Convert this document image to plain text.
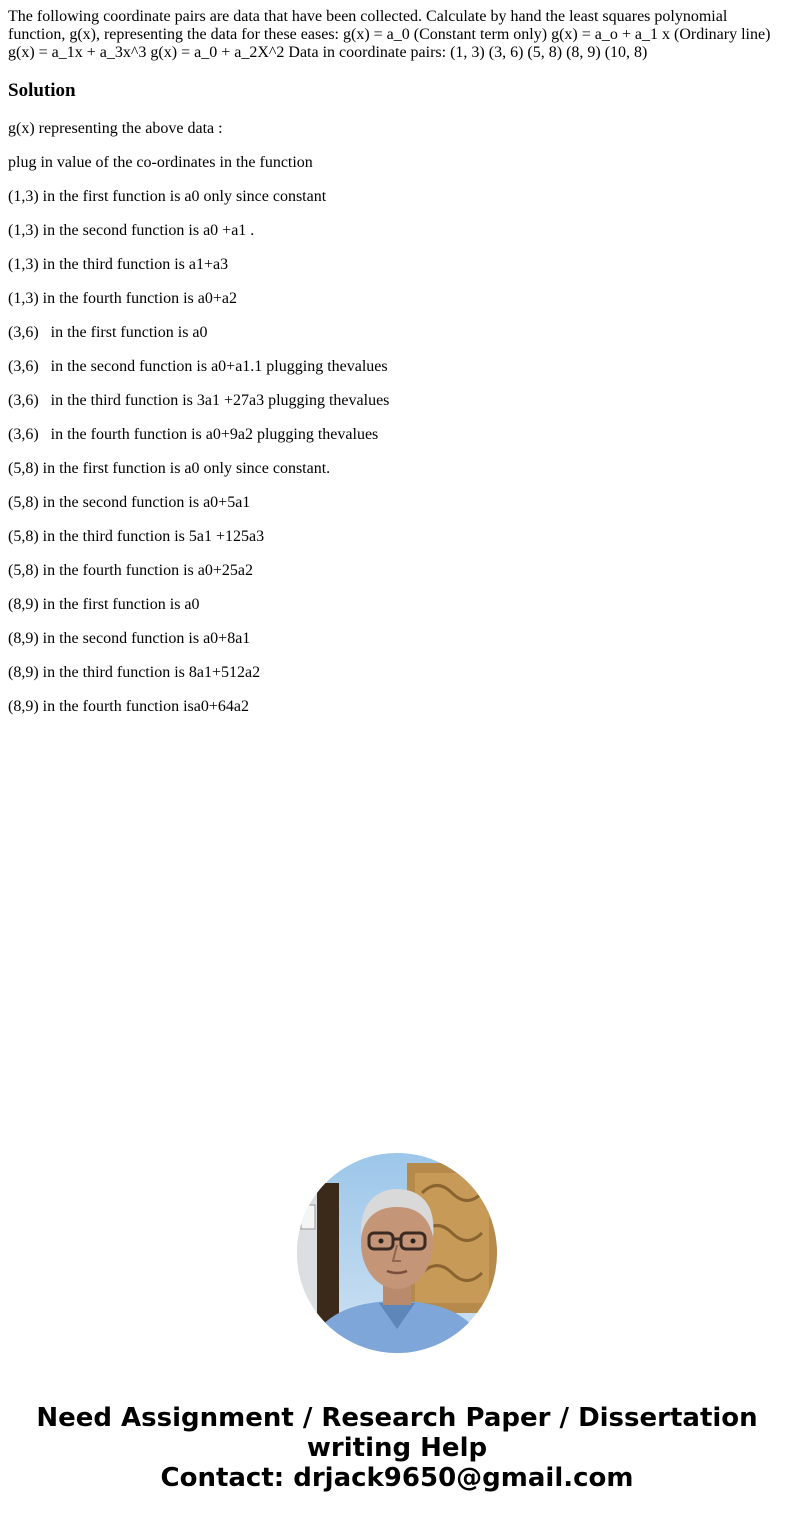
The following coordinate pairs are data that have been collected. Calculate by hand the least squares polynomial function, g(x), representing the data for these eases: g(x) = a_0 (Constant term only) g(x) = a_o + a_1 x (Ordinary line) g(x) = a_1x + a_3x^3 g(x) = a_0 + a_2X^2 Data in coordinate pairs: (1, 3) (3, 6) (5, 8) (8, 9) (10, 8)

Solution
g(x) representing the above data :
plug in value of the co-ordinates in the function
(1,3) in the first function is a0 only since constant
(1,3) in the second function is a0 +a1 .
(1,3) in the third function is a1+a3
(1,3) in the fourth function is a0+a2
(3,6)   in the first function is a0
(3,6)   in the second function is a0+a1.1 plugging thevalues
(3,6)   in the third function is 3a1 +27a3 plugging thevalues
(3,6)   in the fourth function is a0+9a2 plugging thevalues
(5,8) in the first function is a0 only since constant.
(5,8) in the second function is a0+5a1
(5,8) in the third function is 5a1 +125a3
(5,8) in the fourth function is a0+25a2
(8,9) in the first function is a0
(8,9) in the second function is a0+8a1
(8,9) in the third function is 8a1+512a2
(8,9) in the fourth function isa0+64a2

Need Assignment / Research Paper / Dissertation
writing Help
Contact: drjack9650@gmail.com
